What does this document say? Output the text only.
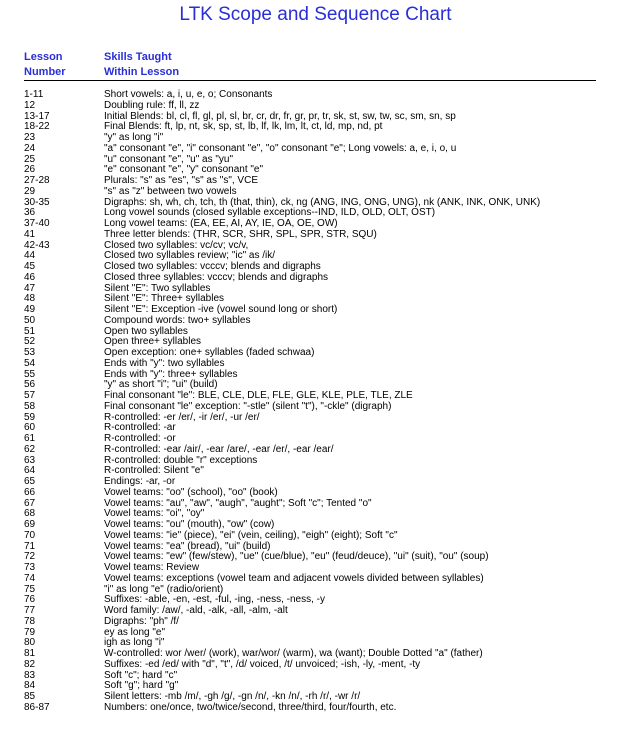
LTK Scope and Sequence Chart
Lesson
Number
Skills Taught
Within Lesson
1-11	Short vowels: a, i, u, e, o; Consonants
12	Doubling rule: ff, ll, zz
13-17	Initial Blends: bl, cl, fl, gl, pl, sl, br, cr, dr, fr, gr, pr, tr, sk, st, sw, tw, sc, sm, sn, sp
18-22	Final Blends: ft, lp, nt, sk, sp, st, lb, lf, lk, lm, lt, ct, ld, mp, nd, pt
23	"y" as long "i"
24	"a" consonant "e", "i" consonant "e", "o" consonant "e"; Long vowels: a, e, i, o, u
25	"u" consonant "e", "u" as "yu"
26	"e" consonant "e", "y" consonant "e"
27-28	Plurals: "s" as "es", "s" as "s", VCE
29	"s" as "z" between two vowels
30-35	Digraphs: sh, wh, ch, tch, th (that, thin), ck, ng (ANG, ING, ONG, UNG), nk (ANK, INK, ONK, UNK)
36	Long vowel sounds (closed syllable exceptions--IND, ILD, OLD, OLT, OST)
37-40	Long vowel teams: (EA, EE, AI, AY, IE, OA, OE, OW)
41	Three letter blends: (THR, SCR, SHR, SPL, SPR, STR, SQU)
42-43	Closed two syllables: vc/cv; vc/v,
44	Closed two syllables review; "ic" as /ik/
45	Closed two syllables: vcccv; blends and digraphs
46	Closed three syllables: vcccv; blends and digraphs
47	Silent "E": Two syllables
48	Silent "E": Three+ syllables
49	Silent "E": Exception -ive (vowel sound long or short)
50	Compound words: two+ syllables
51	Open two syllables
52	Open three+ syllables
53	Open exception: one+ syllables (faded schwaa)
54	Ends with "y": two syllables
55	Ends with "y": three+ syllables
56	"y" as short "i"; "ui" (build)
57	Final consonant "le": BLE, CLE, DLE, FLE, GLE, KLE, PLE, TLE, ZLE
58	Final consonant "le" exception: "-stle" (silent "t"), "-ckle" (digraph)
59	R-controlled: -er /er/, -ir /er/, -ur /er/
60	R-controlled: -ar
61	R-controlled: -or
62	R-controlled: -ear /air/, -ear /are/, -ear /er/, -ear /ear/
63	R-controlled: double "r" exceptions
64	R-controlled: Silent "e"
65	Endings: -ar, -or
66	Vowel teams: "oo" (school), "oo" (book)
67	Vowel teams: "au", "aw", "augh", "aught"; Soft "c"; Tented "o"
68	Vowel teams: "oi", "oy"
69	Vowel teams: "ou" (mouth), "ow" (cow)
70	Vowel teams: "ie" (piece), "ei" (vein, ceiling), "eigh" (eight); Soft "c"
71	Vowel teams: "ea" (bread), "ui" (build)
72	Vowel teams: "ew" (few/stew), "ue" (cue/blue), "eu" (feud/deuce), "ui" (suit), "ou" (soup)
73	Vowel teams: Review
74	Vowel teams: exceptions (vowel team and adjacent vowels divided between syllables)
75	"i" as long "e" (radio/orient)
76	Suffixes: -able, -en, -est, -ful, -ing, -ness, -ness, -y
77	Word family: /aw/, -ald, -alk, -all, -alm, -alt
78	Digraphs: "ph" /f/
79	ey as long "e"
80	igh as long "i"
81	W-controlled: wor /wer/ (work), war/wor/ (warm), wa (want); Double Dotted "a" (father)
82	Suffixes: -ed /ed/ with "d", "t", /d/ voiced, /t/ unvoiced; -ish, -ly, -ment, -ty
83	Soft "c"; hard "c"
84	Soft "g"; hard "g"
85	Silent letters: -mb /m/, -gh /g/, -gn /n/, -kn /n/, -rh /r/, -wr /r/
86-87	Numbers: one/once, two/twice/second, three/third, four/fourth, etc.
